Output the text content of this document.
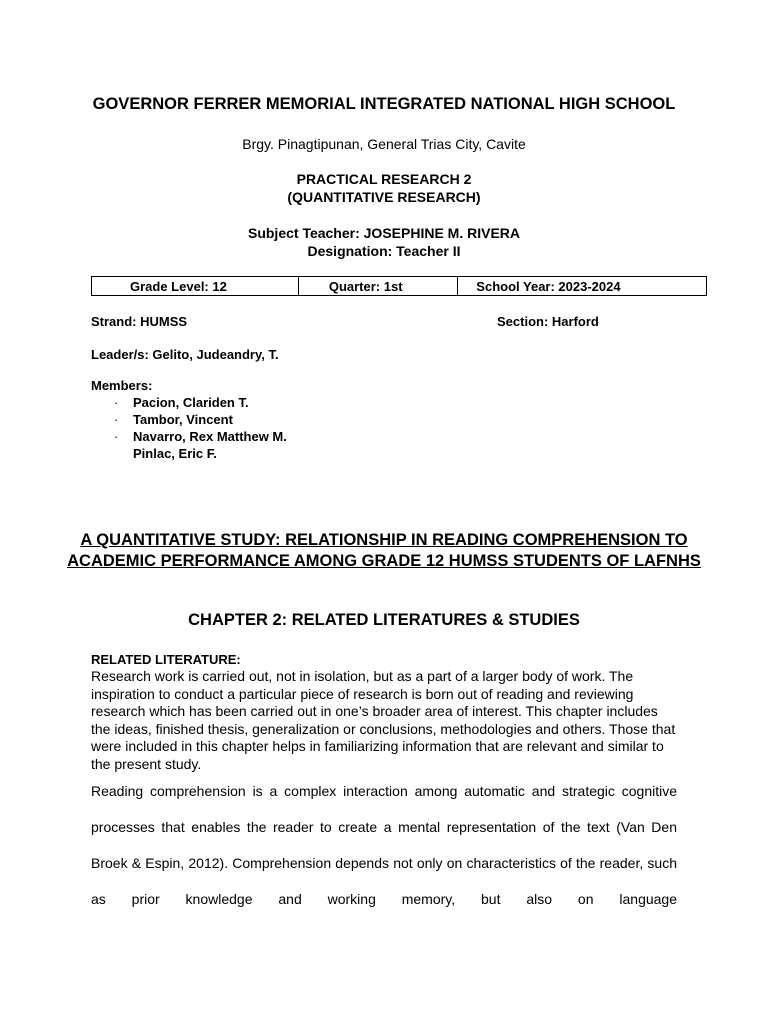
GOVERNOR FERRER MEMORIAL INTEGRATED NATIONAL HIGH SCHOOL
Brgy. Pinagtipunan, General Trias City, Cavite
PRACTICAL RESEARCH 2
(QUANTITATIVE RESEARCH)
Subject Teacher: JOSEPHINE M. RIVERA
Designation: Teacher II
Grade Level: 12	Quarter: 1st	School Year: 2023-2024
Strand: HUMSS	Section: Harford
Leader/s: Gelito, Judeandry, T.
Members:
·	Pacion, Clariden T.
·	Tambor, Vincent
·	Navarro, Rex Matthew M.
Pinlac, Eric F.
A QUANTITATIVE STUDY: RELATIONSHIP IN READING COMPREHENSION TO ACADEMIC PERFORMANCE AMONG GRADE 12 HUMSS STUDENTS OF LAFNHS
CHAPTER 2: RELATED LITERATURES & STUDIES
RELATED LITERATURE:
Research work is carried out, not in isolation, but as a part of a larger body of work. The inspiration to conduct a particular piece of research is born out of reading and reviewing research which has been carried out in one’s broader area of interest. This chapter includes the ideas, finished thesis, generalization or conclusions, methodologies and others. Those that were included in this chapter helps in familiarizing information that are relevant and similar to the present study.
Reading comprehension is a complex interaction among automatic and strategic cognitive processes that enables the reader to create a mental representation of the text (Van Den Broek & Espin, 2012). Comprehension depends not only on characteristics of the reader, such as prior knowledge and working memory, but also on language
